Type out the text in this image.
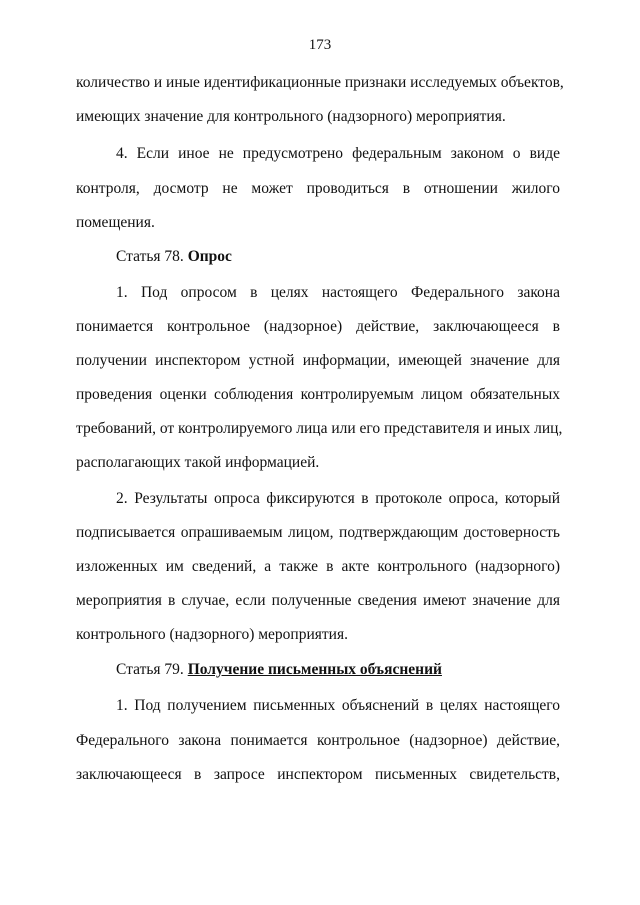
173
количество и иные идентификационные признаки исследуемых объектов,
имеющих значение для контрольного (надзорного) мероприятия.
4. Если иное не предусмотрено федеральным законом о виде
контроля, досмотр не может проводиться в отношении жилого
помещения.
Статья 78. Опрос
1. Под опросом в целях настоящего Федерального закона
понимается контрольное (надзорное) действие, заключающееся в
получении инспектором устной информации, имеющей значение для
проведения оценки соблюдения контролируемым лицом обязательных
требований, от контролируемого лица или его представителя и иных лиц,
располагающих такой информацией.
2. Результаты опроса фиксируются в протоколе опроса, который
подписывается опрашиваемым лицом, подтверждающим достоверность
изложенных им сведений, а также в акте контрольного (надзорного)
мероприятия в случае, если полученные сведения имеют значение для
контрольного (надзорного) мероприятия.
Статья 79. Получение письменных объяснений
1. Под получением письменных объяснений в целях настоящего
Федерального закона понимается контрольное (надзорное) действие,
заключающееся в запросе инспектором письменных свидетельств,
